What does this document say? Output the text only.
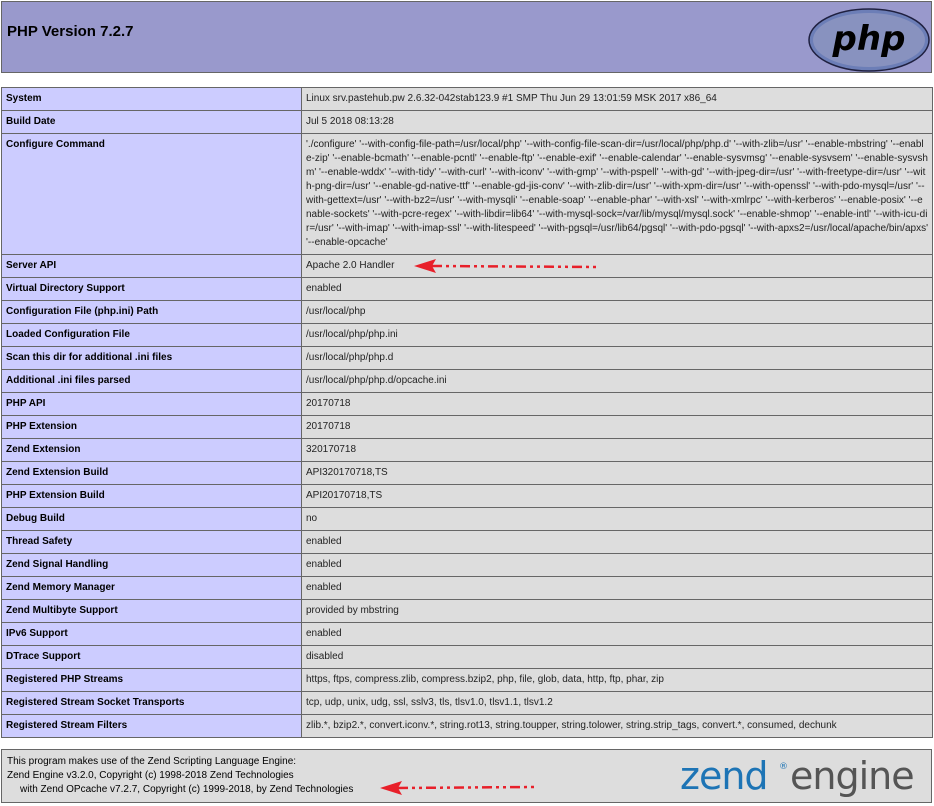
PHP Version 7.2.7	php
System	Linux srv.pastehub.pw 2.6.32-042stab123.9 #1 SMP Thu Jun 29 13:01:59 MSK 2017 x86_64
Build Date	Jul 5 2018 08:13:28
Configure Command	'./configure' '--with-config-file-path=/usr/local/php' '--with-config-file-scan-dir=/usr/local/php/php.d' '--with-zlib=/usr' '--enable-mbstring' '--enable-zip' '--enable-bcmath' '--enable-pcntl' '--enable-ftp' '--enable-exif' '--enable-calendar' '--enable-sysvmsg' '--enable-sysvsem' '--enable-sysvshm' '--enable-wddx' '--with-tidy' '--with-curl' '--with-iconv' '--with-gmp' '--with-pspell' '--with-gd' '--with-jpeg-dir=/usr' '--with-freetype-dir=/usr' '--with-png-dir=/usr' '--enable-gd-native-ttf' '--enable-gd-jis-conv' '--with-zlib-dir=/usr' '--with-xpm-dir=/usr' '--with-openssl' '--with-pdo-mysql=/usr' '--with-gettext=/usr' '--with-bz2=/usr' '--with-mysqli' '--enable-soap' '--enable-phar' '--with-xsl' '--with-xmlrpc' '--with-kerberos' '--enable-posix' '--enable-sockets' '--with-pcre-regex' '--with-libdir=lib64' '--with-mysql-sock=/var/lib/mysql/mysql.sock' '--enable-shmop' '--enable-intl' '--with-icu-dir=/usr' '--with-imap' '--with-imap-ssl' '--with-litespeed' '--with-pgsql=/usr/lib64/pgsql' '--with-pdo-pgsql' '--with-apxs2=/usr/local/apache/bin/apxs' '--enable-opcache'
Server API	Apache 2.0 Handler
Virtual Directory Support	enabled
Configuration File (php.ini) Path	/usr/local/php
Loaded Configuration File	/usr/local/php/php.ini
Scan this dir for additional .ini files	/usr/local/php/php.d
Additional .ini files parsed	/usr/local/php/php.d/opcache.ini
PHP API	20170718
PHP Extension	20170718
Zend Extension	320170718
Zend Extension Build	API320170718,TS
PHP Extension Build	API20170718,TS
Debug Build	no
Thread Safety	enabled
Zend Signal Handling	enabled
Zend Memory Manager	enabled
Zend Multibyte Support	provided by mbstring
IPv6 Support	enabled
DTrace Support	disabled
Registered PHP Streams	https, ftps, compress.zlib, compress.bzip2, php, file, glob, data, http, ftp, phar, zip
Registered Stream Socket Transports	tcp, udp, unix, udg, ssl, sslv3, tls, tlsv1.0, tlsv1.1, tlsv1.2
Registered Stream Filters	zlib.*, bzip2.*, convert.iconv.*, string.rot13, string.toupper, string.tolower, string.strip_tags, convert.*, consumed, dechunk
This program makes use of the Zend Scripting Language Engine:
Zend Engine v3.2.0, Copyright (c) 1998-2018 Zend Technologies
with Zend OPcache v7.2.7, Copyright (c) 1999-2018, by Zend Technologies	zend ® engine
